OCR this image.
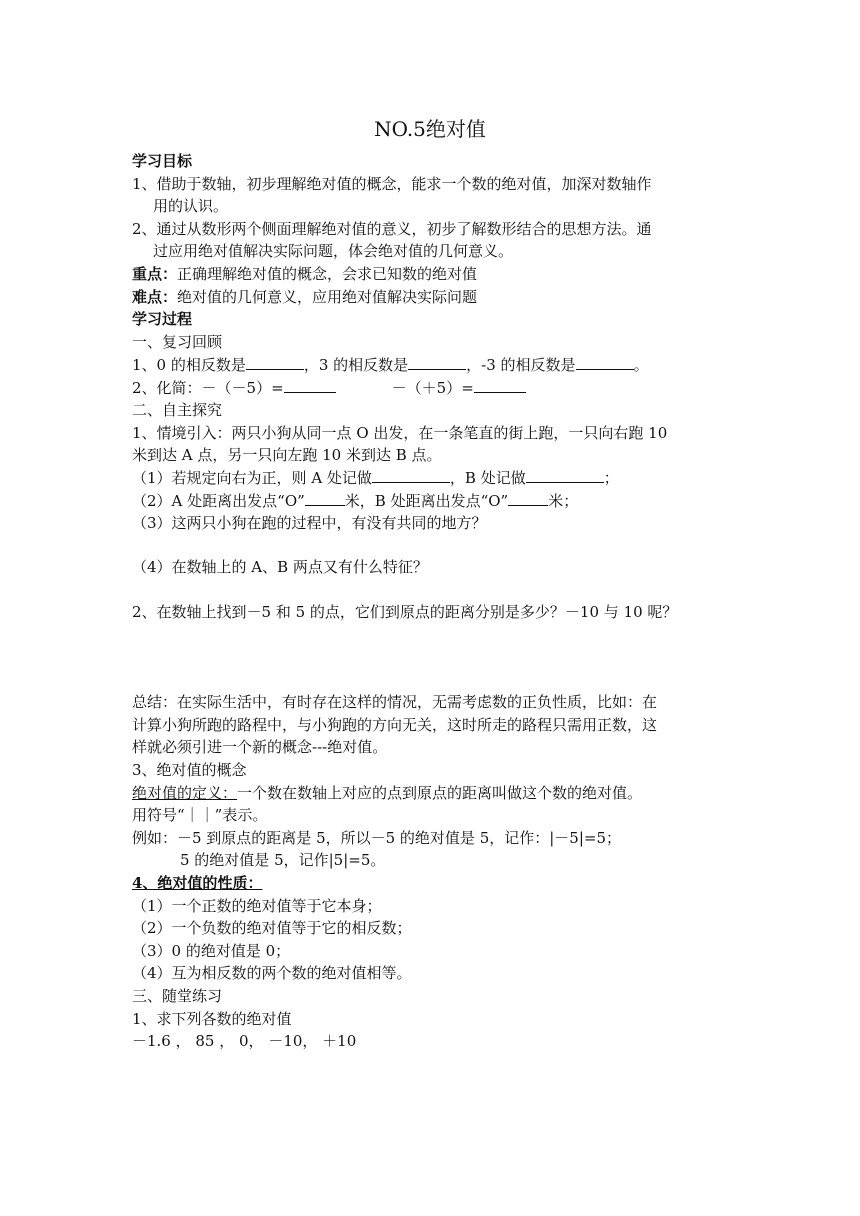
NO.5绝对值
学习目标
1、借助于数轴，初步理解绝对值的概念，能求一个数的绝对值，加深对数轴作
用的认识。
2、通过从数形两个侧面理解绝对值的意义，初步了解数形结合的思想方法。通
过应用绝对值解决实际问题，体会绝对值的几何意义。
重点：正确理解绝对值的概念，会求已知数的绝对值
难点：绝对值的几何意义，应用绝对值解决实际问题
学习过程
一、复习回顾
1、0 的相反数是	，3 的相反数是	，-3 的相反数是	。
2、化简：－（－5）=	－（＋5）=
二、自主探究
1、情境引入：两只小狗从同一点 O 出发，在一条笔直的街上跑，一只向右跑 10
米到达 A 点，另一只向左跑 10 米到达 B 点。
（1）若规定向右为正，则 A 处记做	，B 处记做	；
（2）A 处距离出发点“O”	米，B 处距离出发点“O”	米；
（3）这两只小狗在跑的过程中，有没有共同的地方？
（4）在数轴上的 A、B 两点又有什么特征？
2、在数轴上找到－5 和 5 的点，它们到原点的距离分别是多少？－10 与 10 呢？
总结：在实际生活中，有时存在这样的情况，无需考虑数的正负性质，比如：在
计算小狗所跑的路程中，与小狗跑的方向无关，这时所走的路程只需用正数，这
样就必须引进一个新的概念---绝对值。
3、绝对值的概念
绝对值的定义：一个数在数轴上对应的点到原点的距离叫做这个数的绝对值。
用符号“｜｜”表示。
例如：－5 到原点的距离是 5，所以－5 的绝对值是 5，记作：|－5|=5；
5 的绝对值是 5，记作|5|=5。
4、绝对值的性质：
（1）一个正数的绝对值等于它本身；
（2）一个负数的绝对值等于它的相反数；
（3）0 的绝对值是 0；
（4）互为相反数的两个数的绝对值相等。
三、随堂练习
1、求下列各数的绝对值
－1.6 ， 85 ， 0， －10， ＋10
